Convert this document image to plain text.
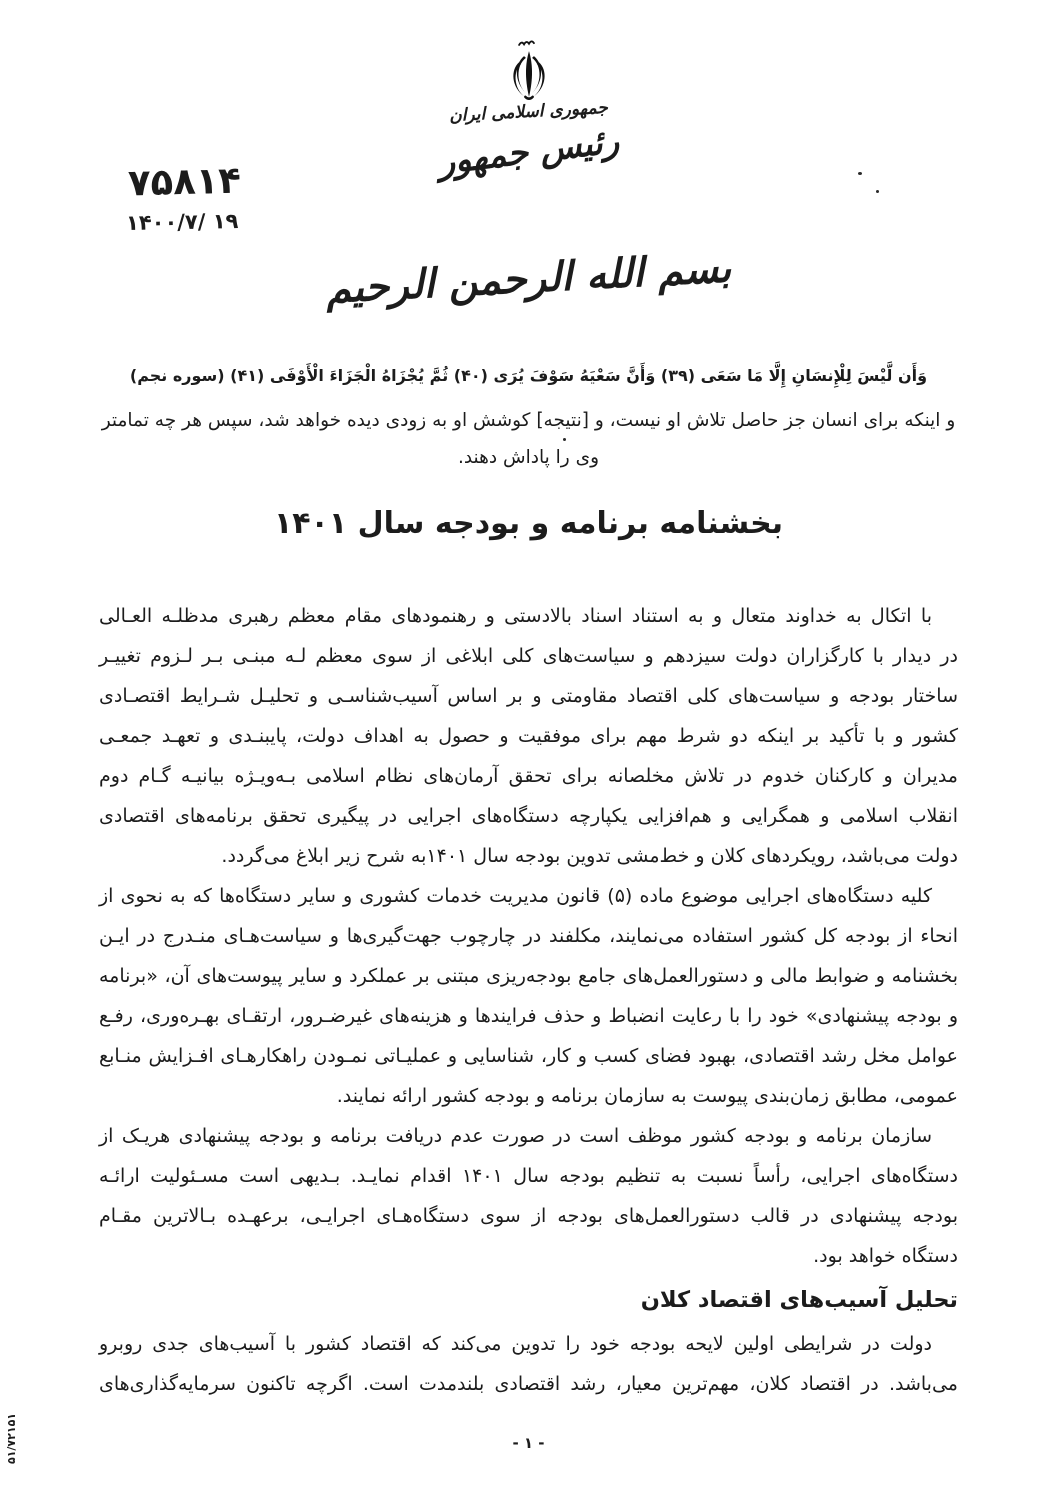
جمهوری اسلامی ایران
رئیس جمهور
۷۵۸۱۴
۱۴۰۰/۷/ ۱۹
بسم الله الرحمن الرحیم
وَأَن لَّيْسَ لِلْإِنسَانِ إِلَّا مَا سَعَى (۳۹) وَأَنَّ سَعْيَهُ سَوْفَ يُرَى (۴۰) ثُمَّ يُجْزَاهُ الْجَزَاءَ الْأَوْفَى (۴۱) (سوره نجم)
و اینکه برای انسان جز حاصل تلاش او نیست، و [نتیجه] کوشش او به زودی دیده خواهد شد، سپس هر چه تمامتر
وی را پاداش دهند.
بخشنامه برنامه و بودجه سال ۱۴۰۱
با اتکال به خداوند متعال و به استناد اسناد بالادستی و رهنمودهای مقام معظم رهبری مدظلـه العـالی
در دیدار با کارگزاران دولت سیزدهم و سیاست‌های کلی ابلاغی از سوی معظم لـه مبنـی بـر لـزوم تغییـر
ساختار بودجه و سیاست‌های کلی اقتصاد مقاومتی و بر اساس آسیب‌شناسـی و تحلیـل شـرایط اقتصـادی
کشور و با تأکید بر اینکه دو شرط مهم برای موفقیت و حصول به اهداف دولت، پایبنـدی و تعهـد جمعـی
مدیران و کارکنان خدوم در تلاش مخلصانه برای تحقق آرمان‌های نظام اسلامی بـه‌ویـژه بیانیـه گـام دوم
انقلاب اسلامی و همگرایی و هم‌افزایی یکپارچه دستگاه‌های اجرایی در پیگیری تحقق برنامه‌های اقتصادی
دولت می‌باشد، رویکردهای کلان و خط‌مشی تدوین بودجه سال ۱۴۰۱به شرح زیر ابلاغ می‌گردد.
کلیه دستگاه‌های اجرایی موضوع ماده (۵) قانون مدیریت خدمات کشوری و سایر دستگاه‌ها که به نحوی از
انحاء از بودجه کل کشور استفاده می‌نمایند، مکلفند در چارچوب جهت‌گیری‌ها و سیاست‌هـای منـدرج در ایـن
بخشنامه و ضوابط مالی و دستورالعمل‌های جامع بودجه‌ریزی مبتنی بر عملکرد و سایر پیوست‌های آن، «برنامه
و بودجه پیشنهادی» خود را با رعایت انضباط و حذف فرایندها و هزینه‌های غیرضـرور، ارتقـای بهـره‌وری، رفـع
عوامل مخل رشد اقتصادی، بهبود فضای کسب و کار، شناسایی و عملیـاتی نمـودن راهکارهـای افـزایش منـابع
عمومی، مطابق زمان‌بندی پیوست به سازمان برنامه و بودجه کشور ارائه نمایند.
سازمان برنامه و بودجه کشور موظف است در صورت عدم دریافت برنامه و بودجه پیشنهادی هریـک از
دستگاه‌های اجرایی، رأساً نسبت به تنظیم بودجه سال ۱۴۰۱ اقدام نمایـد. بـدیهی است مسـئولیت ارائـه
بودجه پیشنهادی در قالب دستورالعمل‌های بودجه از سوی دستگاه‌هـای اجرایـی، برعهـده بـالاترین مقـام
دستگاه خواهد بود.
تحلیل آسیب‌های اقتصاد کلان
دولت در شرایطی اولین لایحه بودجه خود را تدوین می‌کند که اقتصاد کشور با آسیب‌های جدی روبرو
می‌باشد. در اقتصاد کلان، مهم‌ترین معیار، رشد اقتصادی بلندمدت است. اگرچه تاکنون سرمایه‌گذاری‌های
- ۱ -
۵۱/۷۲۱۵۱
